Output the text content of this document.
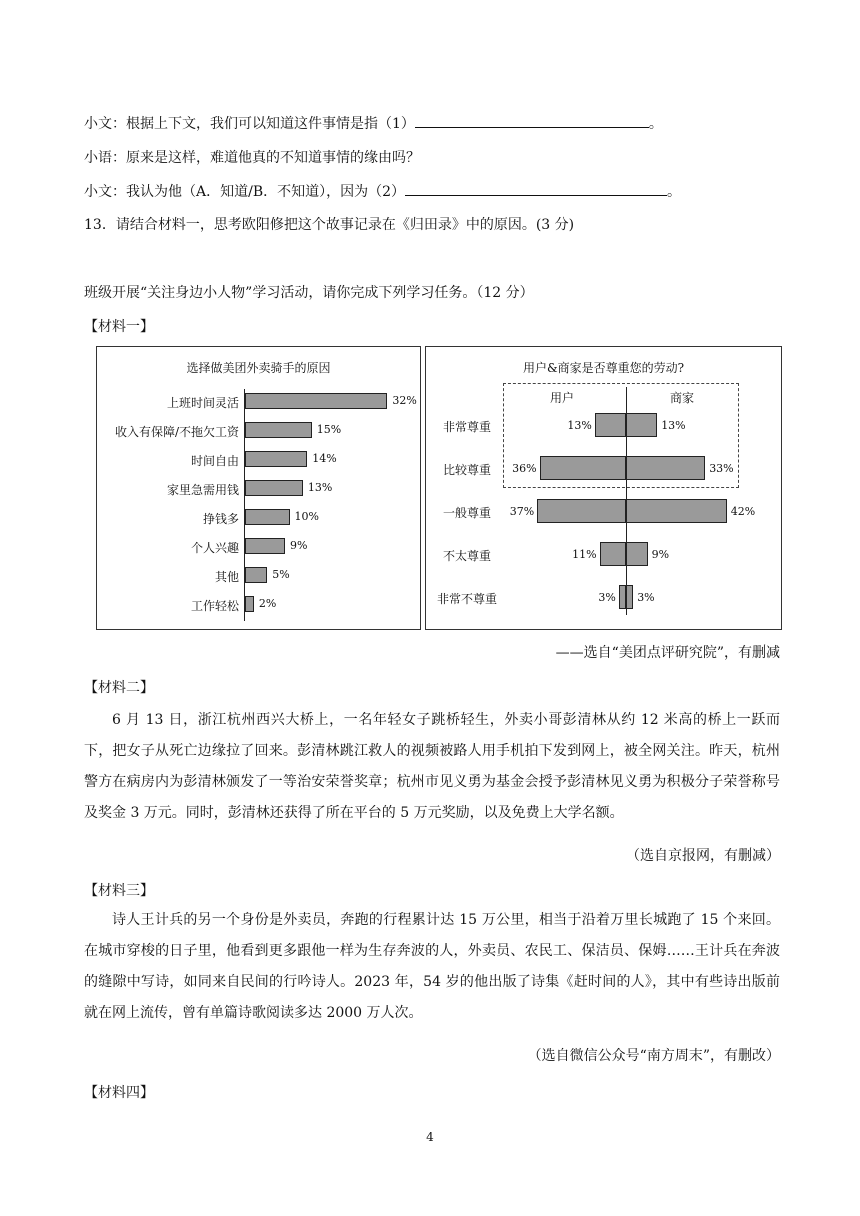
小文：根据上下文，我们可以知道这件事情是指（1）	。
小语：原来是这样，难道他真的不知道事情的缘由吗？
小文：我认为他（A．知道/B．不知道），因为（2）	。
13．请结合材料一，思考欧阳修把这个故事记录在《归田录》中的原因。(3 分)
班级开展“关注身边小人物”学习活动，请你完成下列学习任务。（12 分）
【材料一】
选择做美团外卖骑手的原因
上班时间灵活	32%
收入有保障/不拖欠工资	15%
时间自由	14%
家里急需用钱	13%
挣钱多	10%
个人兴趣	9%
其他	5%
工作轻松 2%
用户&商家是否尊重您的劳动?
用户	商家
非常尊重	13%	13%
比较尊重	36%	33%
一般尊重	37%	42%
不太尊重	11%	9%
非常不尊重	3% 3%
——选自“美团点评研究院”，有删减
【材料二】
6 月 13 日，浙江杭州西兴大桥上，一名年轻女子跳桥轻生，外卖小哥彭清林从约 12 米高的桥上一跃而下，把女子从死亡边缘拉了回来。彭清林跳江救人的视频被路人用手机拍下发到网上，被全网关注。昨天，杭州警方在病房内为彭清林颁发了一等治安荣誉奖章；杭州市见义勇为基金会授予彭清林见义勇为积极分子荣誉称号及奖金 3 万元。同时，彭清林还获得了所在平台的 5 万元奖励，以及免费上大学名额。
（选自京报网，有删减）
【材料三】
诗人王计兵的另一个身份是外卖员，奔跑的行程累计达 15 万公里，相当于沿着万里长城跑了 15 个来回。在城市穿梭的日子里，他看到更多跟他一样为生存奔波的人，外卖员、农民工、保洁员、保姆……王计兵在奔波的缝隙中写诗，如同来自民间的行吟诗人。2023 年，54 岁的他出版了诗集《赶时间的人》，其中有些诗出版前就在网上流传，曾有单篇诗歌阅读多达 2000 万人次。
（选自微信公众号“南方周末”，有删改）
【材料四】
4
